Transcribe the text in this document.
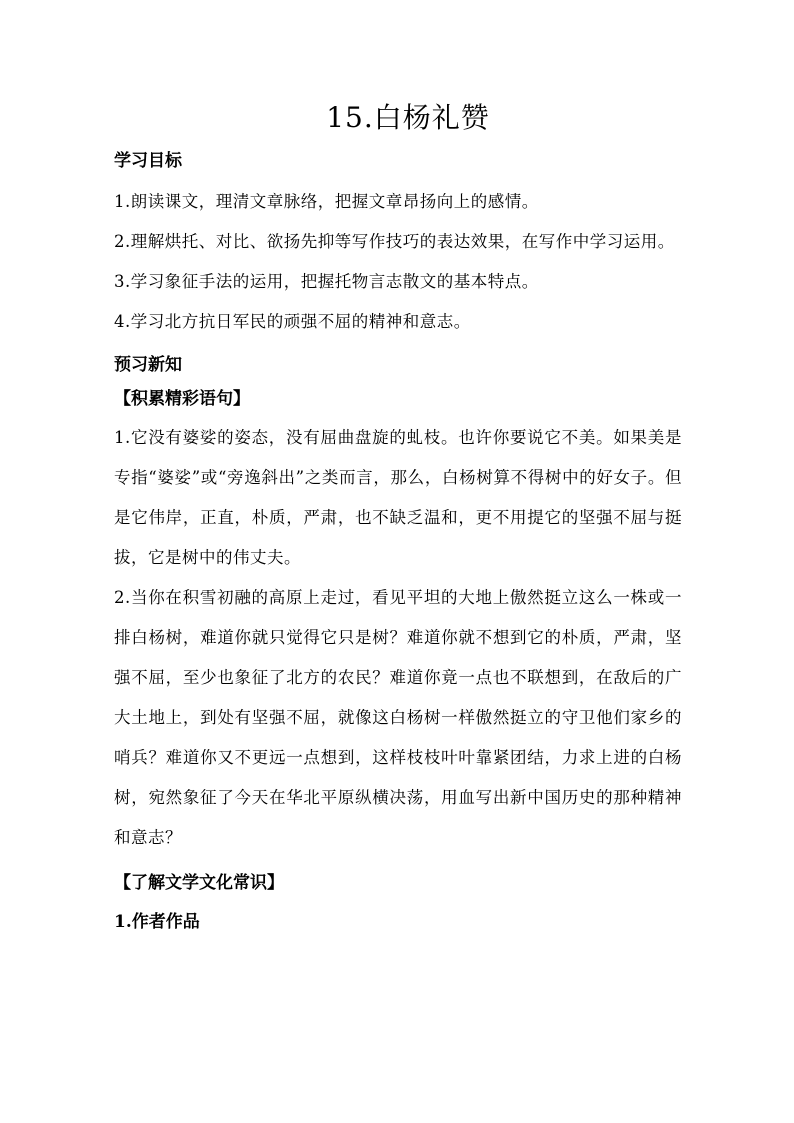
15.白杨礼赞
学习目标

1.朗读课文，理清文章脉络，把握文章昂扬向上的感情。

2.理解烘托、对比、欲扬先抑等写作技巧的表达效果，在写作中学习运用。

3.学习象征手法的运用，把握托物言志散文的基本特点。

4.学习北方抗日军民的顽强不屈的精神和意志。

预习新知
【积累精彩语句】

1.它没有婆娑的姿态，没有屈曲盘旋的虬枝。也许你要说它不美。如果美是专指“婆娑”或“旁逸斜出”之类而言，那么，白杨树算不得树中的好女子。但是它伟岸，正直，朴质，严肃，也不缺乏温和，更不用提它的坚强不屈与挺拔，它是树中的伟丈夫。

2.当你在积雪初融的高原上走过，看见平坦的大地上傲然挺立这么一株或一排白杨树，难道你就只觉得它只是树？难道你就不想到它的朴质，严肃，坚强不屈，至少也象征了北方的农民？难道你竟一点也不联想到，在敌后的广大土地上，到处有坚强不屈，就像这白杨树一样傲然挺立的守卫他们家乡的哨兵？难道你又不更远一点想到，这样枝枝叶叶靠紧团结，力求上进的白杨树，宛然象征了今天在华北平原纵横决荡，用血写出新中国历史的那种精神和意志？

【了解文学文化常识】
1.作者作品
